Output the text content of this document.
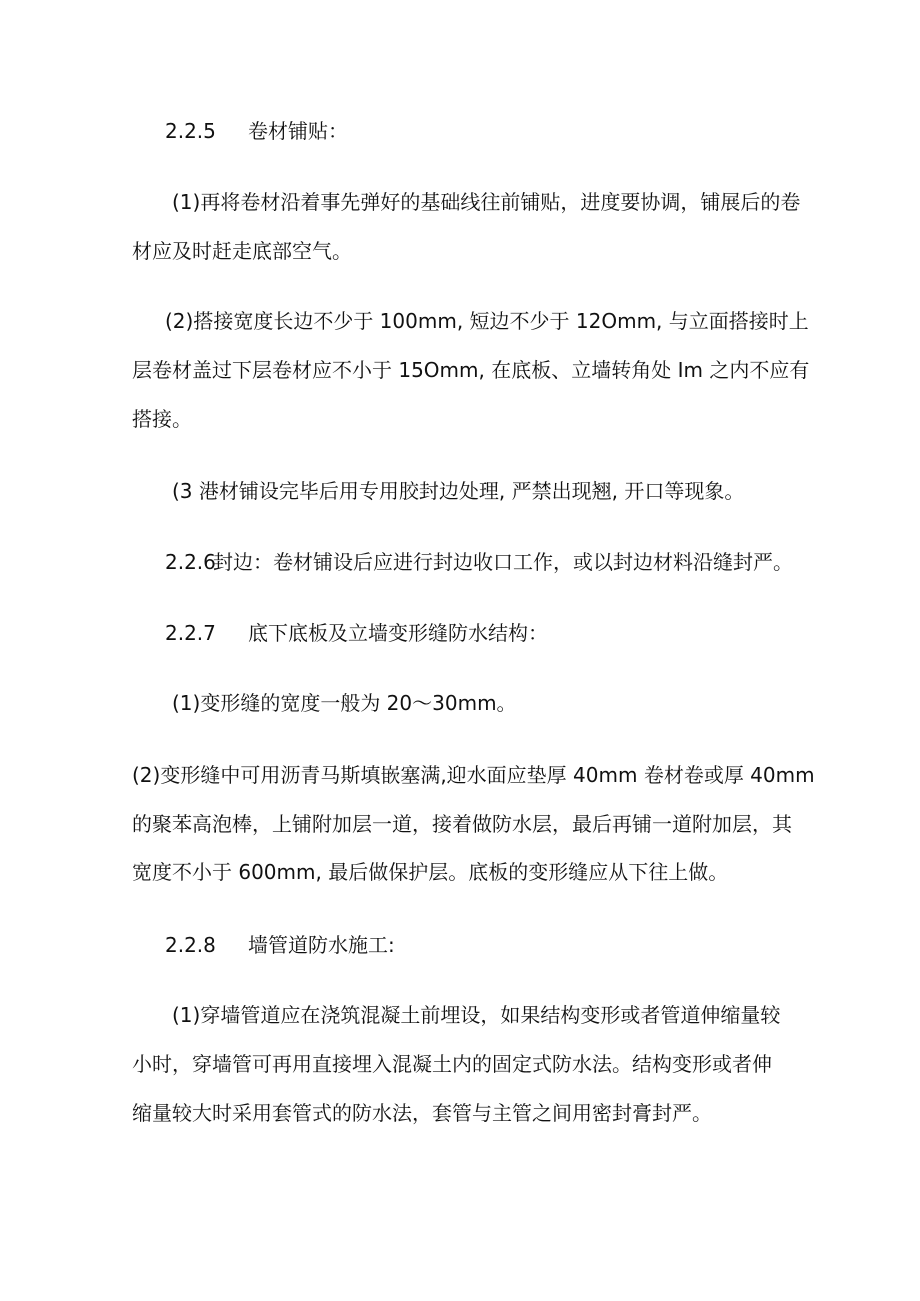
2.2.5 卷材铺贴：
(1)再将卷材沿着事先弹好的基础线往前铺贴，进度要协调，铺展后的卷
材应及时赶走底部空气。
(2)搭接宽度长边不少于 100mm, 短边不少于 12Omm, 与立面搭接时上
层卷材盖过下层卷材应不小于 15Omm, 在底板、立墙转角处 Im 之内不应有
搭接。
(3 港材铺设完毕后用专用胶封边处理, 严禁出现翘, 开口等现象。
2.2.6封边：卷材铺设后应进行封边收口工作，或以封边材料沿缝封严。
2.2.7 底下底板及立墙变形缝防水结构：
(1)变形缝的宽度一般为 20～30mm。
(2)变形缝中可用沥青马斯填嵌塞满,迎水面应垫厚 40mm 卷材卷或厚 40mm
的聚苯高泡棒，上铺附加层一道，接着做防水层，最后再铺一道附加层，其
宽度不小于 600mm, 最后做保护层。底板的变形缝应从下往上做。
2.2.8 墙管道防水施工:
(1)穿墙管道应在浇筑混凝土前埋设，如果结构变形或者管道伸缩量较
小时，穿墙管可再用直接埋入混凝土内的固定式防水法。结构变形或者伸
缩量较大时采用套管式的防水法，套管与主管之间用密封膏封严。
